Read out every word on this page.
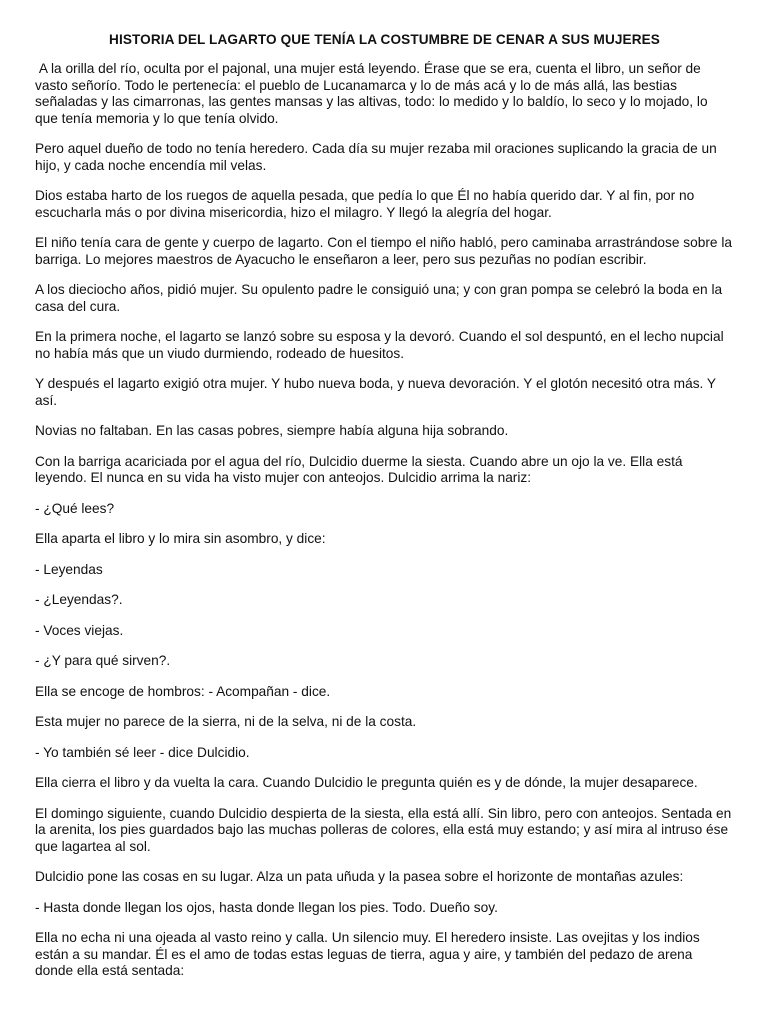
HISTORIA DEL LAGARTO QUE TENÍA LA COSTUMBRE DE CENAR A SUS MUJERES

A la orilla del río, oculta por el pajonal, una mujer está leyendo. Érase que se era, cuenta el libro, un señor de vasto señorío. Todo le pertenecía: el pueblo de Lucanamarca y lo de más acá y lo de más allá, las bestias señaladas y las cimarronas, las gentes mansas y las altivas, todo: lo medido y lo baldío, lo seco y lo mojado, lo que tenía memoria y lo que tenía olvido.

Pero aquel dueño de todo no tenía heredero. Cada día su mujer rezaba mil oraciones suplicando la gracia de un hijo, y cada noche encendía mil velas.

Dios estaba harto de los ruegos de aquella pesada, que pedía lo que Él no había querido dar. Y al fin, por no escucharla más o por divina misericordia, hizo el milagro. Y llegó la alegría del hogar.

El niño tenía cara de gente y cuerpo de lagarto. Con el tiempo el niño habló, pero caminaba arrastrándose sobre la barriga. Lo mejores maestros de Ayacucho le enseñaron a leer, pero sus pezuñas no podían escribir.

A los dieciocho años, pidió mujer. Su opulento padre le consiguió una; y con gran pompa se celebró la boda en la casa del cura.

En la primera noche, el lagarto se lanzó sobre su esposa y la devoró. Cuando el sol despuntó, en el lecho nupcial no había más que un viudo durmiendo, rodeado de huesitos.

Y después el lagarto exigió otra mujer. Y hubo nueva boda, y nueva devoración. Y el glotón necesitó otra más. Y así.

Novias no faltaban. En las casas pobres, siempre había alguna hija sobrando.

Con la barriga acariciada por el agua del río, Dulcidio duerme la siesta. Cuando abre un ojo la ve. Ella está leyendo. El nunca en su vida ha visto mujer con anteojos. Dulcidio arrima la nariz:

- ¿Qué lees?

Ella aparta el libro y lo mira sin asombro, y dice:

- Leyendas

- ¿Leyendas?.

- Voces viejas.

- ¿Y para qué sirven?.

Ella se encoge de hombros: - Acompañan - dice.

Esta mujer no parece de la sierra, ni de la selva, ni de la costa.

- Yo también sé leer - dice Dulcidio.

Ella cierra el libro y da vuelta la cara. Cuando Dulcidio le pregunta quién es y de dónde, la mujer desaparece.

El domingo siguiente, cuando Dulcidio despierta de la siesta, ella está allí. Sin libro, pero con anteojos. Sentada en la arenita, los pies guardados bajo las muchas polleras de colores, ella está muy estando; y así mira al intruso ése que lagartea al sol.

Dulcidio pone las cosas en su lugar. Alza un pata uñuda y la pasea sobre el horizonte de montañas azules:

- Hasta donde llegan los ojos, hasta donde llegan los pies. Todo. Dueño soy.

Ella no echa ni una ojeada al vasto reino y calla. Un silencio muy. El heredero insiste. Las ovejitas y los indios están a su mandar. Él es el amo de todas estas leguas de tierra, agua y aire, y también del pedazo de arena donde ella está sentada:
